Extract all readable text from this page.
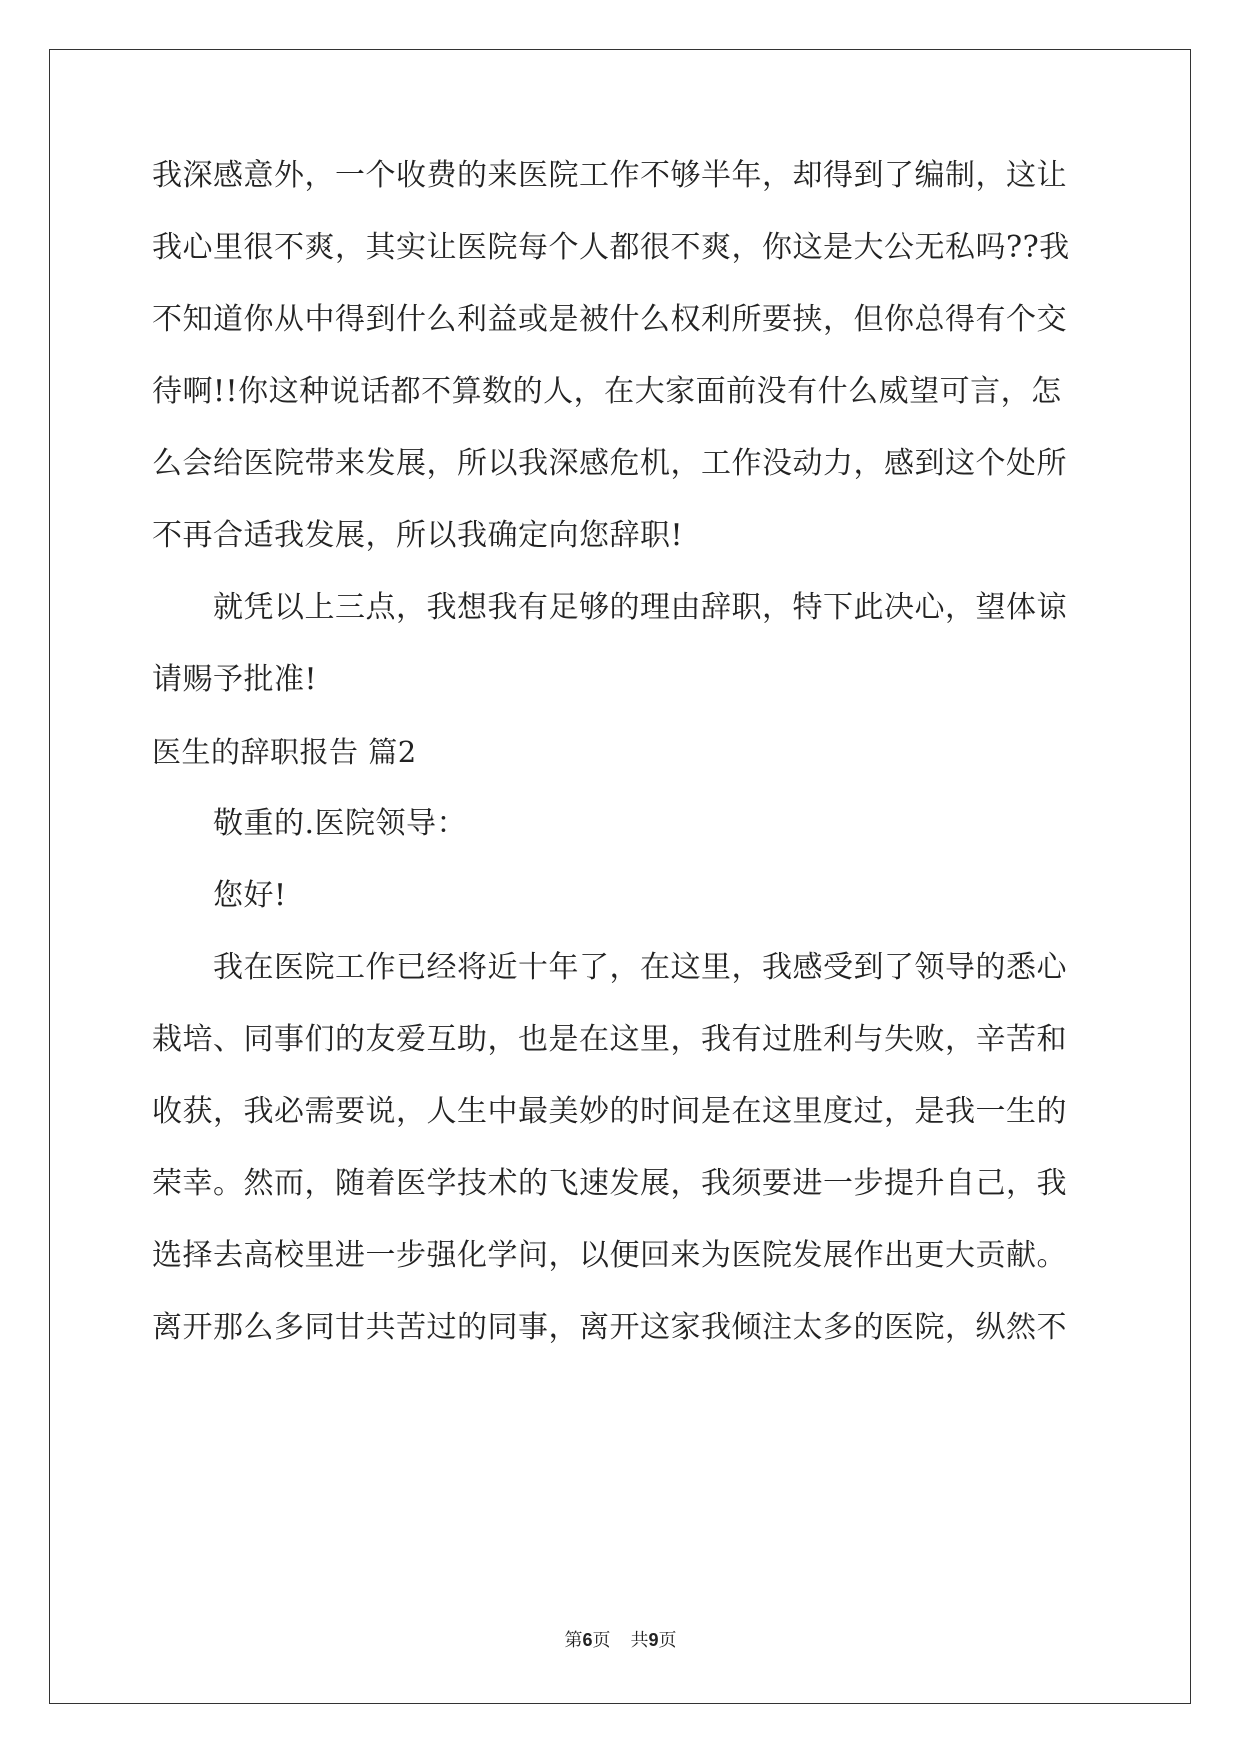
我深感意外，一个收费的来医院工作不够半年，却得到了编制，这让
我心里很不爽，其实让医院每个人都很不爽，你这是大公无私吗??我
不知道你从中得到什么利益或是被什么权利所要挟，但你总得有个交
待啊!!你这种说话都不算数的人，在大家面前没有什么威望可言，怎
么会给医院带来发展，所以我深感危机，工作没动力，感到这个处所
不再合适我发展，所以我确定向您辞职!
就凭以上三点，我想我有足够的理由辞职，特下此决心，望体谅
请赐予批准!
医生的辞职报告 篇2
敬重的.医院领导：
您好!
我在医院工作已经将近十年了，在这里，我感受到了领导的悉心
栽培、同事们的友爱互助，也是在这里，我有过胜利与失败，辛苦和
收获，我必需要说，人生中最美妙的时间是在这里度过，是我一生的
荣幸。然而，随着医学技术的飞速发展，我须要进一步提升自己，我
选择去高校里进一步强化学问，以便回来为医院发展作出更大贡献。
离开那么多同甘共苦过的同事，离开这家我倾注太多的医院，纵然不
第6页 共9页
